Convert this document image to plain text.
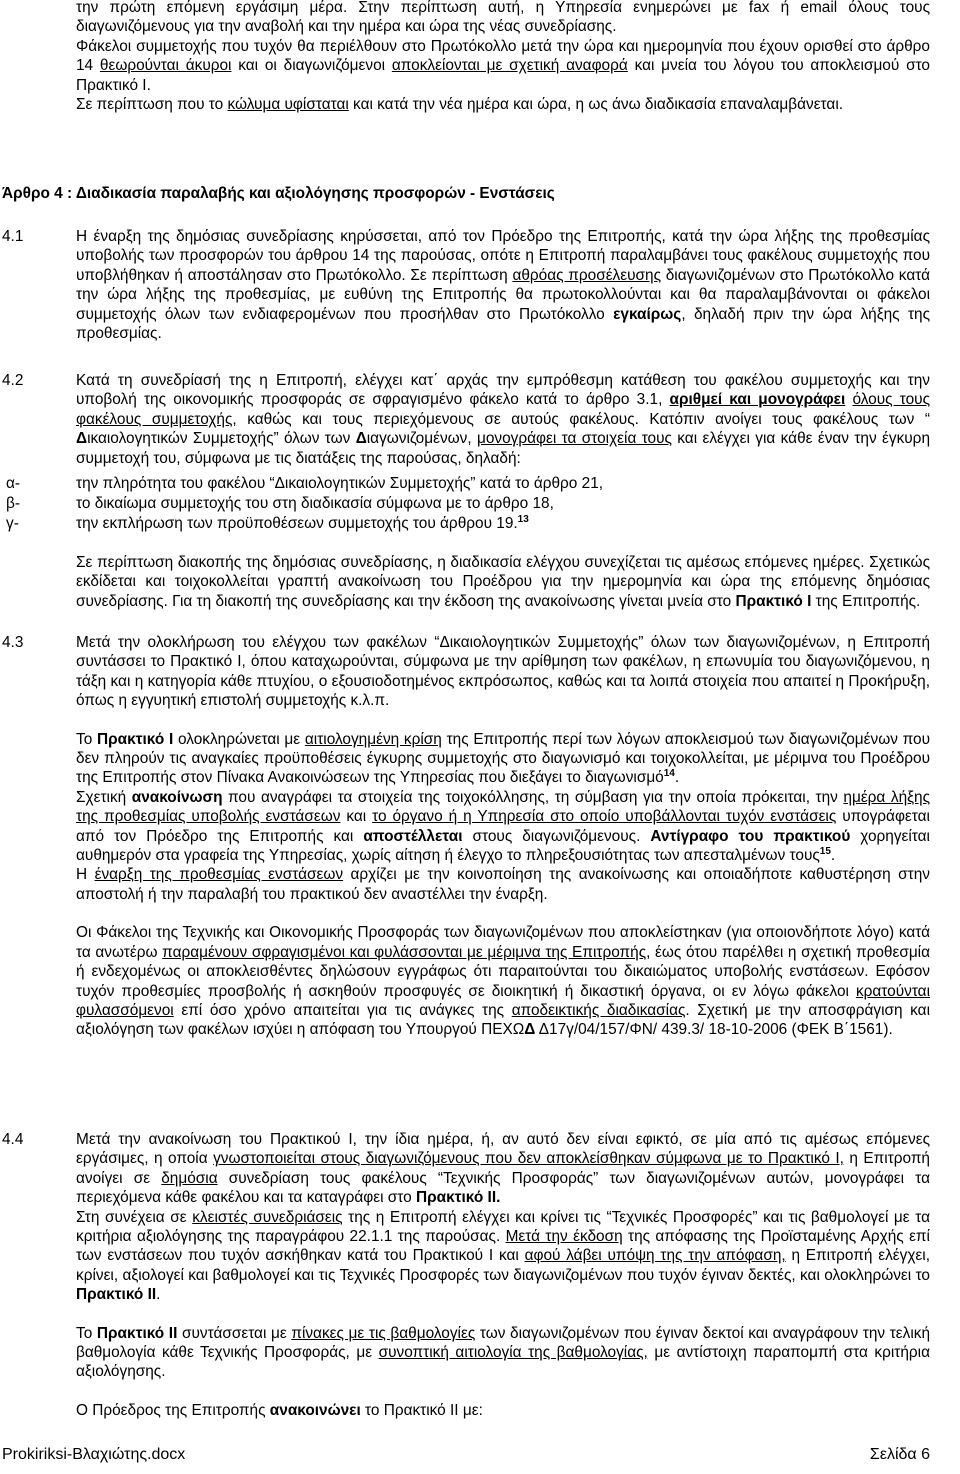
την πρώτη επόμενη εργάσιμη μέρα. Στην περίπτωση αυτή, η Υπηρεσία ενημερώνει με fax ή email όλους τους διαγωνιζόμενους για την αναβολή και την ημέρα και ώρα της νέας συνεδρίασης.

Φάκελοι συμμετοχής που τυχόν θα περιέλθουν στο Πρωτόκολλο μετά την ώρα και ημερομηνία που έχουν ορισθεί στο άρθρο 14 θεωρούνται άκυροι και οι διαγωνιζόμενοι αποκλείονται με σχετική αναφορά και μνεία του λόγου του αποκλεισμού στο Πρακτικό Ι.

Σε περίπτωση που το κώλυμα υφίσταται και κατά την νέα ημέρα και ώρα, η ως άνω διαδικασία επαναλαμβάνεται.

Άρθρο 4 : Διαδικασία παραλαβής και αξιολόγησης προσφορών - Ενστάσεις
4.1	Η έναρξη της δημόσιας συνεδρίασης κηρύσσεται, από τον Πρόεδρο της Επιτροπής, κατά την ώρα λήξης της προθεσμίας υποβολής των προσφορών του άρθρου 14 της παρούσας, οπότε η Επιτροπή παραλαμβάνει τους φακέλους συμμετοχής που υποβλήθηκαν ή αποστάλησαν στο Πρωτόκολλο. Σε περίπτωση αθρόας προσέλευσης διαγωνιζομένων στο Πρωτόκολλο κατά την ώρα λήξης της προθεσμίας, με ευθύνη της Επιτροπής θα πρωτοκολλούνται και θα παραλαμβάνονται οι φάκελοι συμμετοχής όλων των ενδιαφερομένων που προσήλθαν στο Πρωτόκολλο εγκαίρως, δηλαδή πριν την ώρα λήξης της προθεσμίας.

4.2	Κατά τη συνεδρίασή της η Επιτροπή, ελέγχει κατ΄ αρχάς την εμπρόθεσμη κατάθεση του φακέλου συμμετοχής και την υποβολή της οικονομικής προσφοράς σε σφραγισμένο φάκελο κατά το άρθρο 3.1, αριθμεί και μονογράφει όλους τους φακέλους συμμετοχής, καθώς και τους περιεχόμενους σε αυτούς φακέλους. Κατόπιν ανοίγει τους φακέλους των “ Δικαιολογητικών Συμμετοχής” όλων των Διαγωνιζομένων, μονογράφει τα στοιχεία τους και ελέγχει για κάθε έναν την έγκυρη συμμετοχή του, σύμφωνα με τις διατάξεις της παρούσας, δηλαδή:

α-	την πληρότητα του φακέλου “Δικαιολογητικών Συμμετοχής” κατά το άρθρο 21,
β-	το δικαίωμα συμμετοχής του στη διαδικασία σύμφωνα με το άρθρο 18,
γ-	την εκπλήρωση των προϋποθέσεων συμμετοχής του άρθρου 19.13

Σε περίπτωση διακοπής της δημόσιας συνεδρίασης, η διαδικασία ελέγχου συνεχίζεται τις αμέσως επόμενες ημέρες. Σχετικώς εκδίδεται και τοιχοκολλείται γραπτή ανακοίνωση του Προέδρου για την ημερομηνία και ώρα της επόμενης δημόσιας συνεδρίασης. Για τη διακοπή της συνεδρίασης και την έκδοση της ανακοίνωσης γίνεται μνεία στο Πρακτικό Ι της Επιτροπής.

4.3	Μετά την ολοκλήρωση του ελέγχου των φακέλων “Δικαιολογητικών Συμμετοχής” όλων των διαγωνιζομένων, η Επιτροπή συντάσσει το Πρακτικό Ι, όπου καταχωρούνται, σύμφωνα με την αρίθμηση των φακέλων, η επωνυμία του διαγωνιζόμενου, η τάξη και η κατηγορία κάθε πτυχίου, ο εξουσιοδοτημένος εκπρόσωπος, καθώς και τα λοιπά στοιχεία που απαιτεί η Προκήρυξη, όπως η εγγυητική επιστολή συμμετοχής κ.λ.π.

Το Πρακτικό Ι ολοκληρώνεται με αιτιολογημένη κρίση της Επιτροπής περί των λόγων αποκλεισμού των διαγωνιζομένων που δεν πληρούν τις αναγκαίες προϋποθέσεις έγκυρης συμμετοχής στο διαγωνισμό και τοιχοκολλείται, με μέριμνα του Προέδρου της Επιτροπής στον Πίνακα Ανακοινώσεων της Υπηρεσίας που διεξάγει το διαγωνισμό$^{14}$.

Σχετική ανακοίνωση που αναγράφει τα στοιχεία της τοιχοκόλλησης, τη σύμβαση για την οποία πρόκειται, την ημέρα λήξης της προθεσμίας υποβολής ενστάσεων και το όργανο ή η Υπηρεσία στο οποίο υποβάλλονται τυχόν ενστάσεις υπογράφεται από τον Πρόεδρο της Επιτροπής και αποστέλλεται στους διαγωνιζόμενους. Αντίγραφο του πρακτικού χορηγείται αυθημερόν στα γραφεία της Υπηρεσίας, χωρίς αίτηση ή έλεγχο το πληρεξουσιότητας των απεσταλμένων τους$^{15}$.

Η έναρξη της προθεσμίας ενστάσεων αρχίζει με την κοινοποίηση της ανακοίνωσης και οποιαδήποτε καθυστέρηση στην αποστολή ή την παραλαβή του πρακτικού δεν αναστέλλει την έναρξη.

Οι Φάκελοι της Τεχνικής και Οικονομικής Προσφοράς των διαγωνιζομένων που αποκλείστηκαν (για οποιονδήποτε λόγο) κατά τα ανωτέρω παραμένουν σφραγισμένοι και φυλάσσονται με μέριμνα της Επιτροπής, έως ότου παρέλθει η σχετική προθεσμία ή ενδεχομένως οι αποκλεισθέντες δηλώσουν εγγράφως ότι παραιτούνται του δικαιώματος υποβολής ενστάσεων. Εφόσον τυχόν προθεσμίες προσβολής ή ασκηθούν προσφυγές σε διοικητική ή δικαστική όργανα, οι εν λόγω φάκελοι κρατούνται φυλασσόμενοι επί όσο χρόνο απαιτείται για τις ανάγκες της αποδεικτικής διαδικασίας. Σχετική με την αποσφράγιση και αξιολόγηση των φακέλων ισχύει η απόφαση του Υπουργού ΠΕΧΩΔ Δ17γ/04/157/ΦΝ/ 439.3/ 18-10-2006 (ΦΕΚ Β΄1561).

4.4	Μετά την ανακοίνωση του Πρακτικού Ι, την ίδια ημέρα, ή, αν αυτό δεν είναι εφικτό, σε μία από τις αμέσως επόμενες εργάσιμες, η οποία γνωστοποιείται στους διαγωνιζόμενους που δεν αποκλείσθηκαν σύμφωνα με το Πρακτικό Ι, η Επιτροπή ανοίγει σε δημόσια συνεδρίαση τους φακέλους “Τεχνικής Προσφοράς” των διαγωνιζομένων αυτών, μονογράφει τα περιεχόμενα κάθε φακέλου και τα καταγράφει στο Πρακτικό ΙΙ.

Στη συνέχεια σε κλειστές συνεδριάσεις της η Επιτροπή ελέγχει και κρίνει τις “Τεχνικές Προσφορές” και τις βαθμολογεί με τα κριτήρια αξιολόγησης της παραγράφου 22.1.1 της παρούσας. Μετά την έκδοση της απόφασης της Προϊσταμένης Αρχής επί των ενστάσεων που τυχόν ασκήθηκαν κατά του Πρακτικού Ι και αφού λάβει υπόψη της την απόφαση, η Επιτροπή ελέγχει, κρίνει, αξιολογεί και βαθμολογεί και τις Τεχνικές Προσφορές των διαγωνιζομένων που τυχόν έγιναν δεκτές, και ολοκληρώνει το Πρακτικό ΙΙ.

Το Πρακτικό ΙΙ συντάσσεται με πίνακες με τις βαθμολογίες των διαγωνιζομένων που έγιναν δεκτοί και αναγράφουν την τελική βαθμολογία κάθε Τεχνικής Προσφοράς, με συνοπτική αιτιολογία της βαθμολογίας, με αντίστοιχη παραπομπή στα κριτήρια αξιολόγησης.

Ο Πρόεδρος της Επιτροπής ανακοινώνει το Πρακτικό ΙΙ με:

Prokiriksi-Βλαχιώτης.docx	Σελίδα 6
